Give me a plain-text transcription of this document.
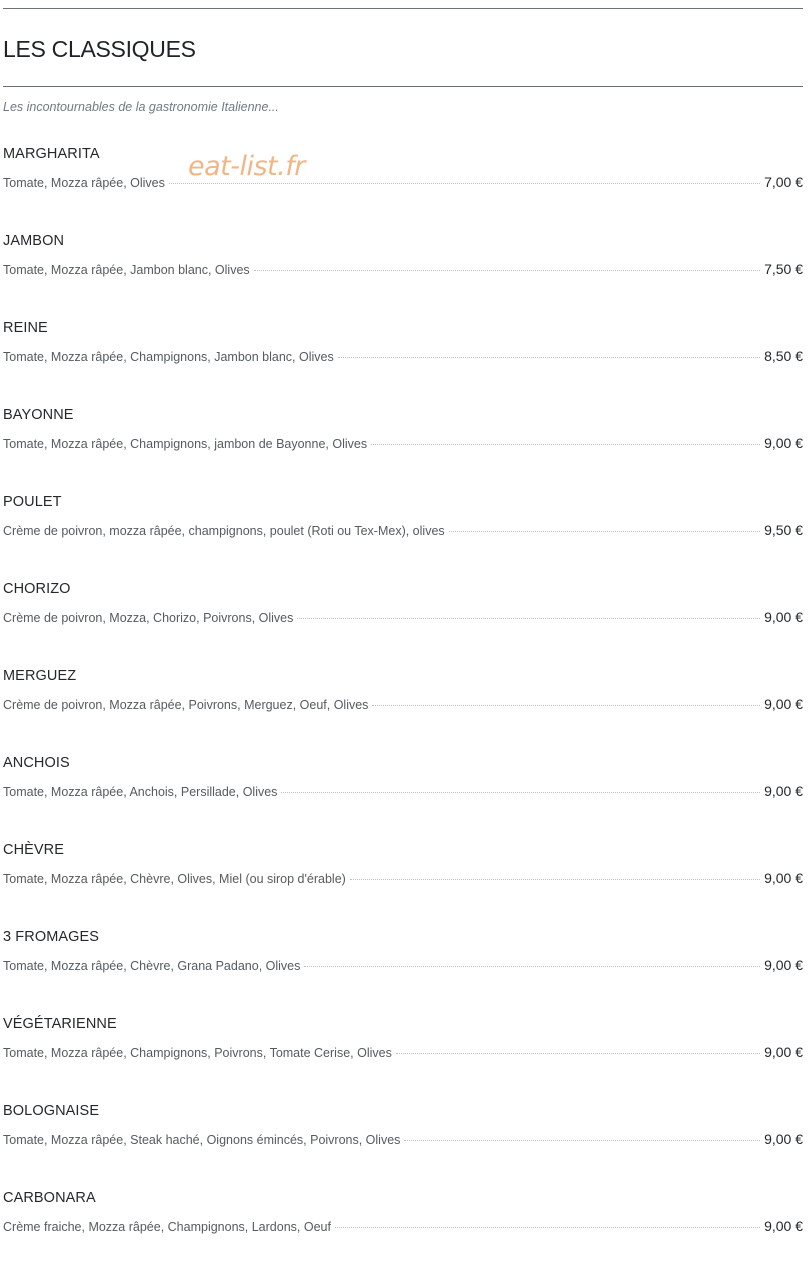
LES CLASSIQUES
Les incontournables de la gastronomie Italienne...
MARGHARITA
Tomate, Mozza râpée, Olives	7,00 €
JAMBON
Tomate, Mozza râpée, Jambon blanc, Olives	7,50 €
REINE
Tomate, Mozza râpée, Champignons, Jambon blanc, Olives	8,50 €
BAYONNE
Tomate, Mozza râpée, Champignons, jambon de Bayonne, Olives	9,00 €
POULET
Crème de poivron, mozza râpée, champignons, poulet (Roti ou Tex-Mex), olives	9,50 €
CHORIZO
Crème de poivron, Mozza, Chorizo, Poivrons, Olives	9,00 €
MERGUEZ
Crème de poivron, Mozza râpée, Poivrons, Merguez, Oeuf, Olives	9,00 €
ANCHOIS
Tomate, Mozza râpée, Anchois, Persillade, Olives	9,00 €
CHÈVRE
Tomate, Mozza râpée, Chèvre, Olives, Miel (ou sirop d'érable)	9,00 €
3 FROMAGES
Tomate, Mozza râpée, Chèvre, Grana Padano, Olives	9,00 €
VÉGÉTARIENNE
Tomate, Mozza râpée, Champignons, Poivrons, Tomate Cerise, Olives	9,00 €
BOLOGNAISE
Tomate, Mozza râpée, Steak haché, Oignons émincés, Poivrons, Olives	9,00 €
CARBONARA
Crème fraiche, Mozza râpée, Champignons, Lardons, Oeuf	9,00 €
eat-list.fr
